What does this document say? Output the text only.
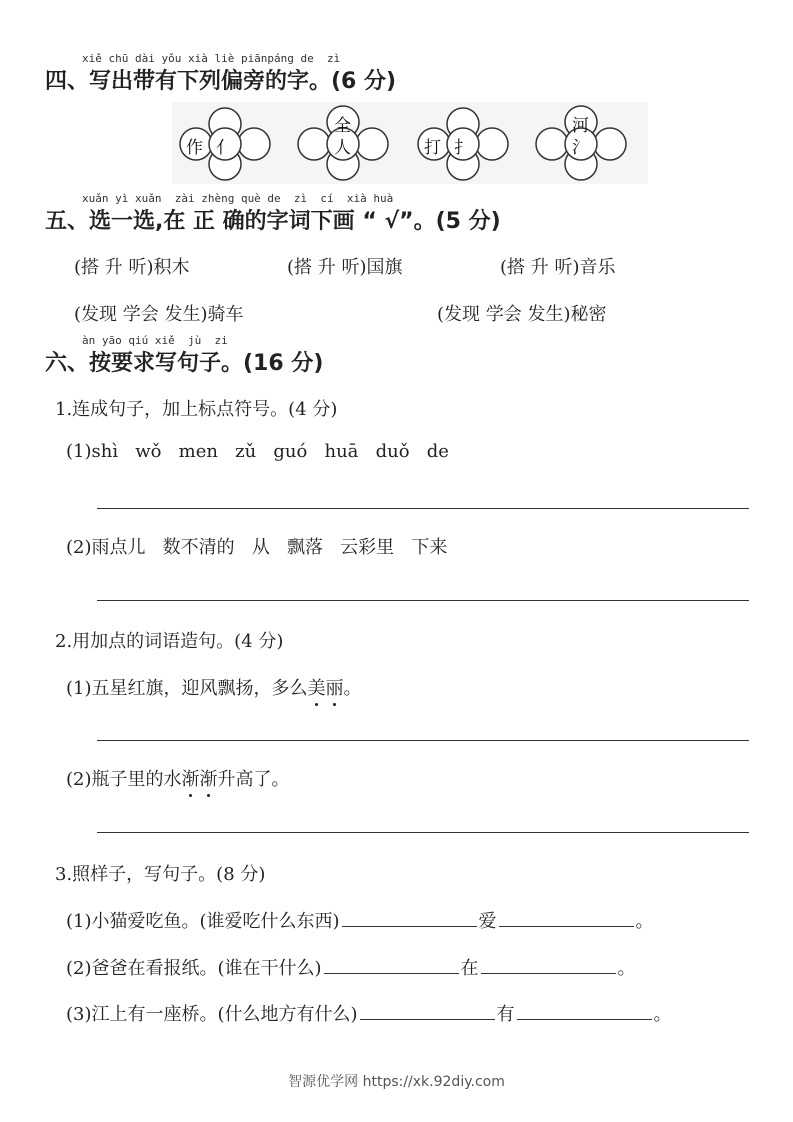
xiě chū dài yǒu xià liè piānpáng de  zì
四、写出带有下列偏旁的字。(6 分)
作 亻
全
人	打 扌
河
氵
xuǎn yì xuǎn  zài zhèng què de  zì  cí  xià huà
五、选一选,在 正 确的字词下画 “ √”。(5 分)
(搭 升 听)积木	(搭 升 听)国旗	(搭 升 听)音乐
(发现 学会 发生)骑车	(发现 学会 发生)秘密
àn yāo qiú xiě  jù  zi
六、按要求写句子。(16 分)
1.连成句子，加上标点符号。(4 分)
(1)shì   wǒ   men   zǔ   guó   huā   duǒ   de
(2)雨点儿   数不清的   从   飘落   云彩里   下来
2.用加点的词语造句。(4 分)
(1)五星红旗，迎风飘扬，多么美丽。
(2)瓶子里的水渐渐升高了。
3.照样子，写句子。(8 分)
(1)小猫爱吃鱼。(谁爱吃什么东西)	爱	。
(2)爸爸在看报纸。(谁在干什么)	在	。
(3)江上有一座桥。(什么地方有什么)	有	。
智源优学网 https://xk.92diy.com
